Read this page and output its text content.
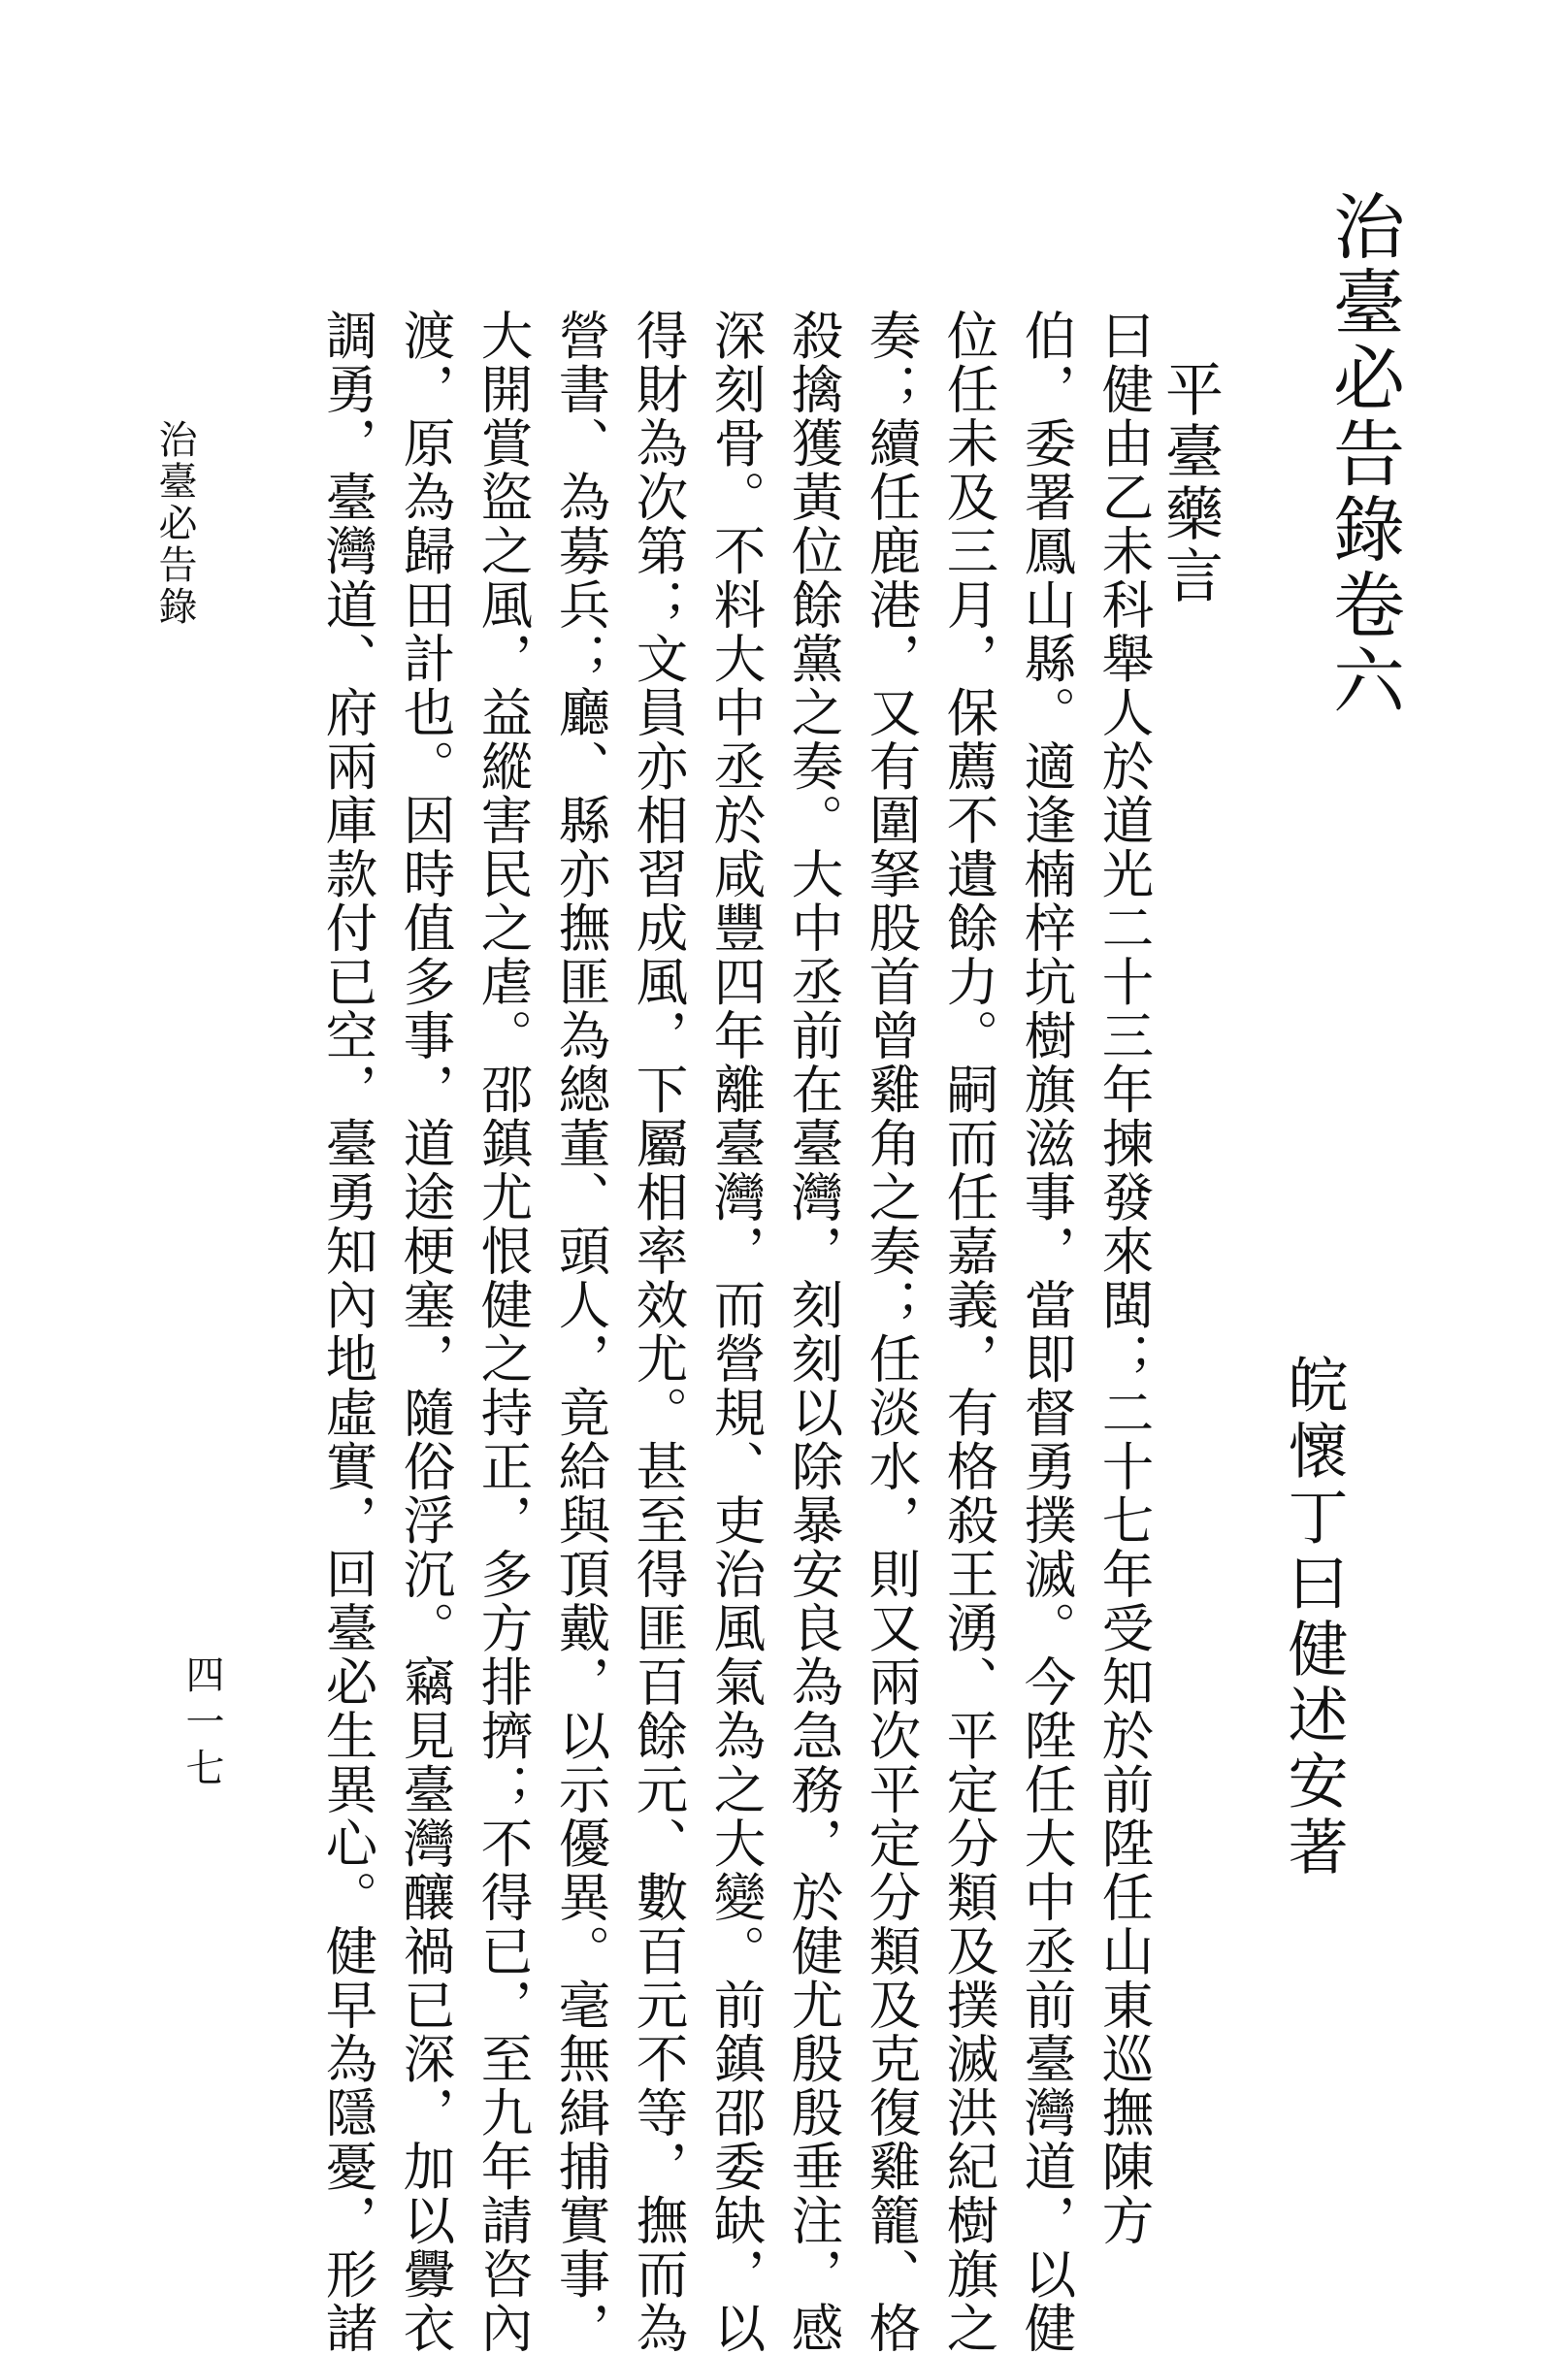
治臺必告錄卷六
皖懷丁曰健述安著
平臺藥言
曰健由乙未科舉人於道光二十三年揀發來閩；二十七年受知於前陞任山東巡撫陳方
伯，委署鳳山縣。適逢楠梓坑樹旗滋事，當即督勇撲滅。今陞任大中丞前臺灣道，以健
位任未及三月，保薦不遺餘力。嗣而任嘉義，有格殺王湧、平定分類及撲滅洪紀樹旗之
奏；續任鹿港，又有圍拏股首曾雞角之奏；任淡水，則又兩次平定分類及克復雞籠、格
殺擒獲黃位餘黨之奏。大中丞前在臺灣，刻刻以除暴安良為急務，於健尤殷殷垂注，感
深刻骨。不料大中丞於咸豐四年離臺灣，而營規、吏治風氣為之大變。前鎮邵委缺，以
得財為次第；文員亦相習成風，下屬相率效尤。甚至得匪百餘元、數百元不等，撫而為
營書、為募兵；廳、縣亦撫匪為總董、頭人，竟給與頂戴，以示優異。毫無緝捕實事，
大開賞盜之風，益縱害民之虐。邵鎮尤恨健之持正，多方排擠；不得已，至九年請咨內
渡，原為歸田計也。因時值多事，道途梗塞，隨俗浮沉。竊見臺灣釀禍已深，加以釁衣
調勇，臺灣道、府兩庫款付已空，臺勇知內地虛實，回臺必生異心。健早為隱憂，形諸
治臺必告錄
四一七
